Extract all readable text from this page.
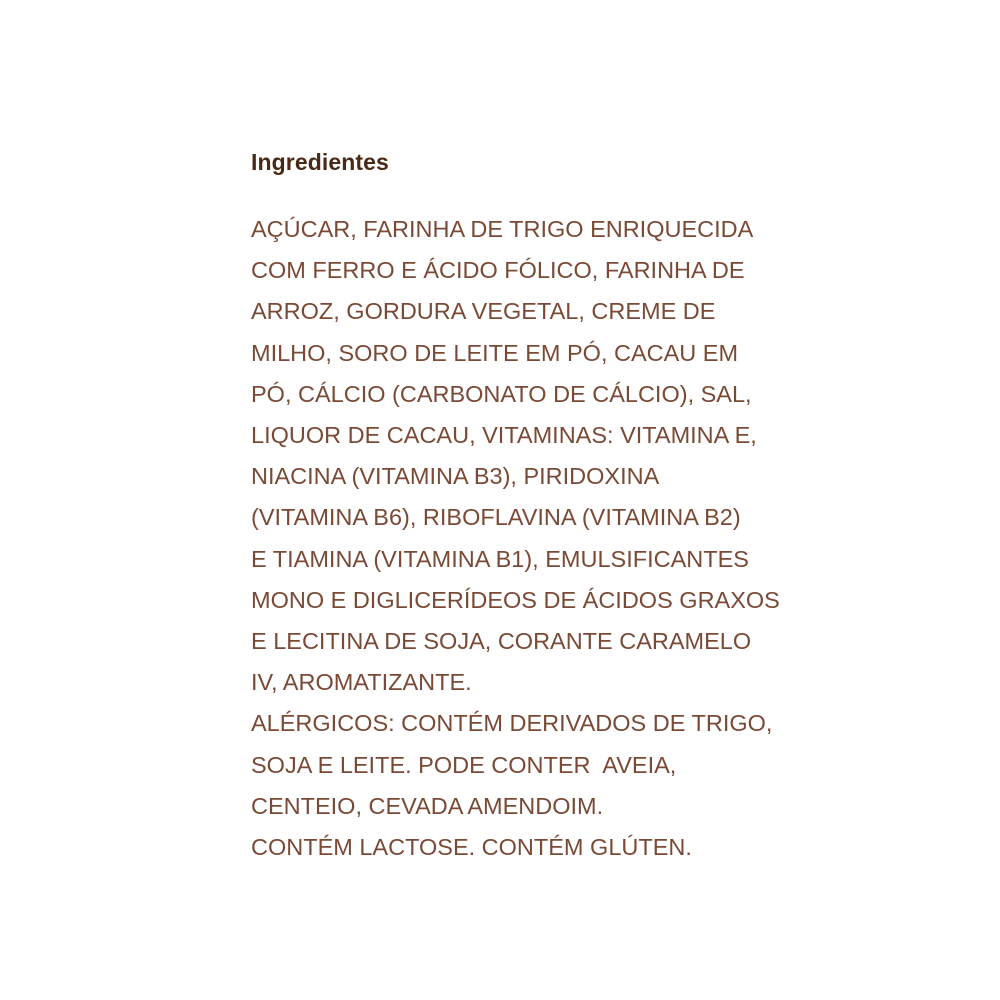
Ingredientes
AÇÚCAR, FARINHA DE TRIGO ENRIQUECIDA
COM FERRO E ÁCIDO FÓLICO, FARINHA DE
ARROZ, GORDURA VEGETAL, CREME DE
MILHO, SORO DE LEITE EM PÓ, CACAU EM
PÓ, CÁLCIO (CARBONATO DE CÁLCIO), SAL,
LIQUOR DE CACAU, VITAMINAS: VITAMINA E,
NIACINA (VITAMINA B3), PIRIDOXINA
(VITAMINA B6), RIBOFLAVINA (VITAMINA B2)
E TIAMINA (VITAMINA B1), EMULSIFICANTES
MONO E DIGLICERÍDEOS DE ÁCIDOS GRAXOS
E LECITINA DE SOJA, CORANTE CARAMELO
IV, AROMATIZANTE.
ALÉRGICOS: CONTÉM DERIVADOS DE TRIGO,
SOJA E LEITE. PODE CONTER  AVEIA,
CENTEIO, CEVADA AMENDOIM.
CONTÉM LACTOSE. CONTÉM GLÚTEN.
